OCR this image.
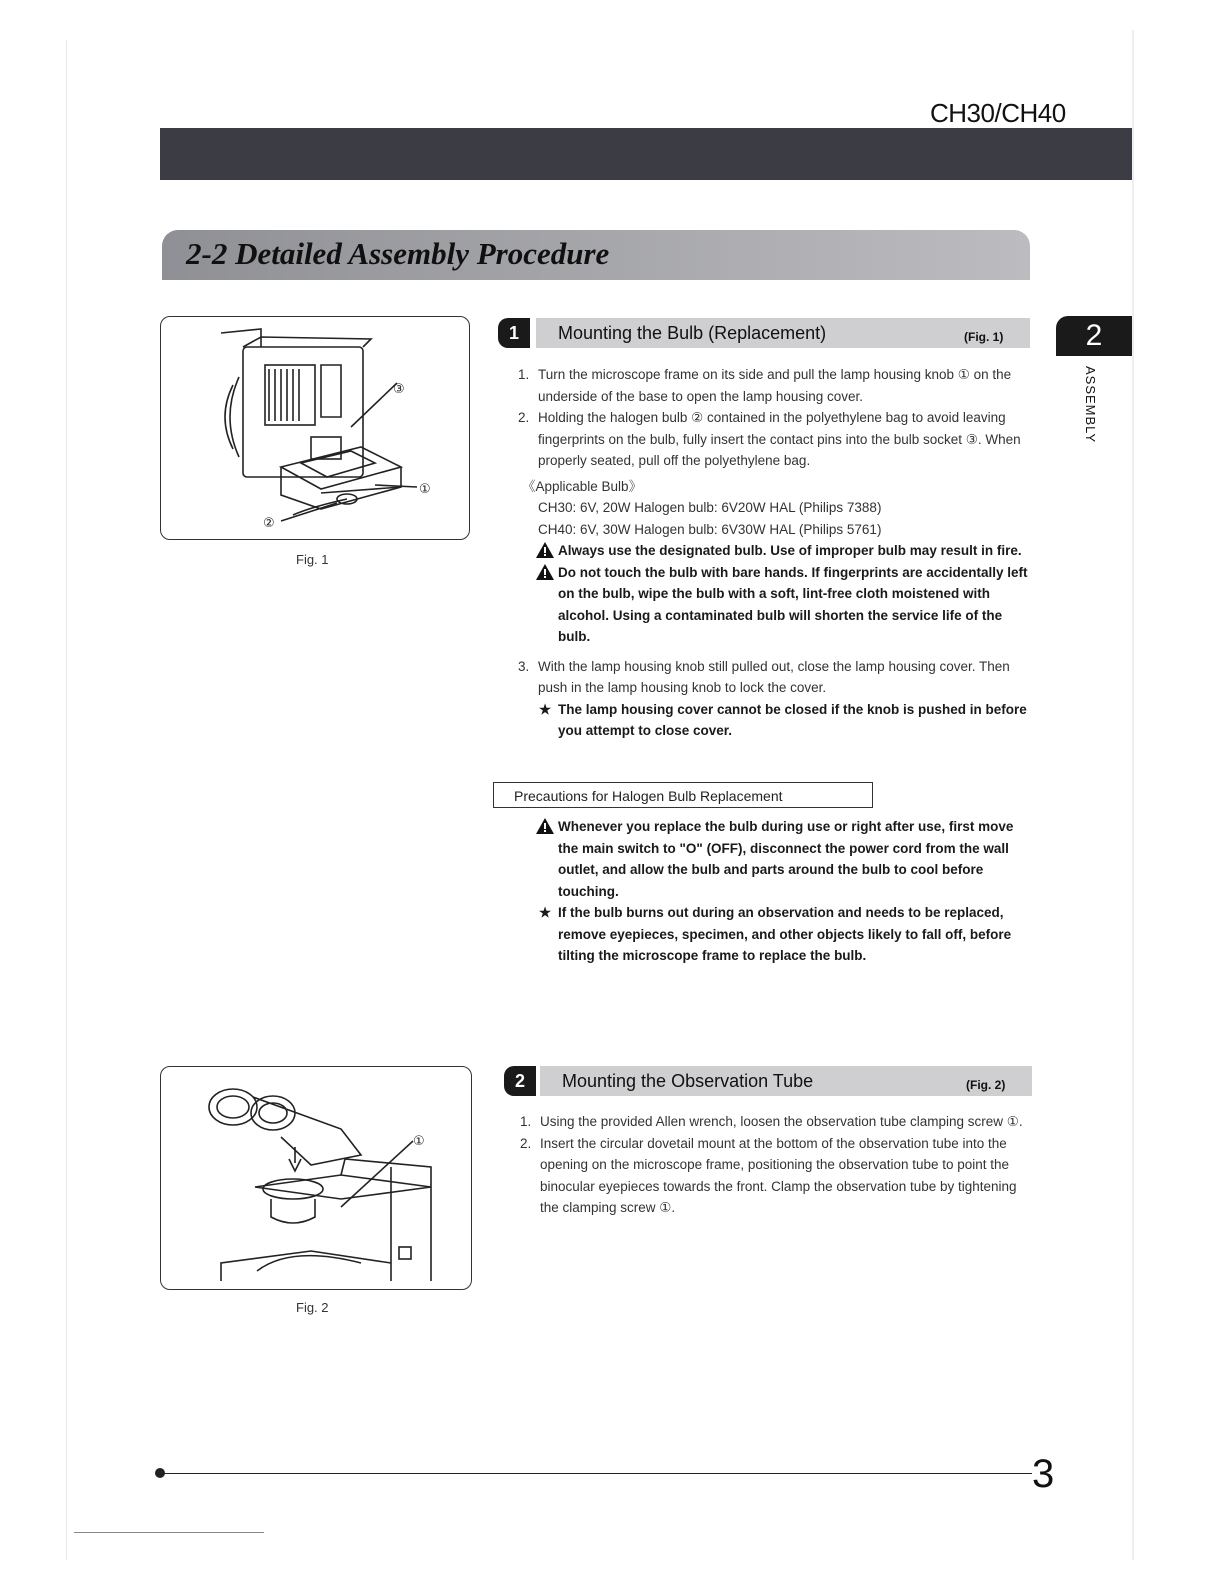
CH30/CH40
2-2 Detailed Assembly Procedure
2
ASSEMBLY
③
①
②
Fig. 1
①
Fig. 2
1	Mounting the Bulb (Replacement)	(Fig. 1)
1. Turn the microscope frame on its side and pull the lamp housing knob ① on the underside of the base to open the lamp housing cover.
2. Holding the halogen bulb ② contained in the polyethylene bag to avoid leaving fingerprints on the bulb, fully insert the contact pins into the bulb socket ③. When properly seated, pull off the polyethylene bag.
《Applicable Bulb》
CH30: 6V, 20W Halogen bulb: 6V20W HAL (Philips 7388)
CH40: 6V, 30W Halogen bulb: 6V30W HAL (Philips 5761)
Always use the designated bulb. Use of improper bulb may result in fire.
Do not touch the bulb with bare hands. If fingerprints are accidentally left on the bulb, wipe the bulb with a soft, lint-free cloth moistened with alcohol. Using a contaminated bulb will shorten the service life of the bulb.
3. With the lamp housing knob still pulled out, close the lamp housing cover. Then push in the lamp housing knob to lock the cover.
★ The lamp housing cover cannot be closed if the knob is pushed in before you attempt to close cover.
Precautions for Halogen Bulb Replacement
Whenever you replace the bulb during use or right after use, first move the main switch to "O" (OFF), disconnect the power cord from the wall outlet, and allow the bulb and parts around the bulb to cool before touching.
★ If the bulb burns out during an observation and needs to be replaced, remove eyepieces, specimen, and other objects likely to fall off, before tilting the microscope frame to replace the bulb.
2	Mounting the Observation Tube	(Fig. 2)
1. Using the provided Allen wrench, loosen the observation tube clamping screw ①.
2. Insert the circular dovetail mount at the bottom of the observation tube into the opening on the microscope frame, positioning the observation tube to point the binocular eyepieces towards the front. Clamp the observation tube by tightening the clamping screw ①.
3
